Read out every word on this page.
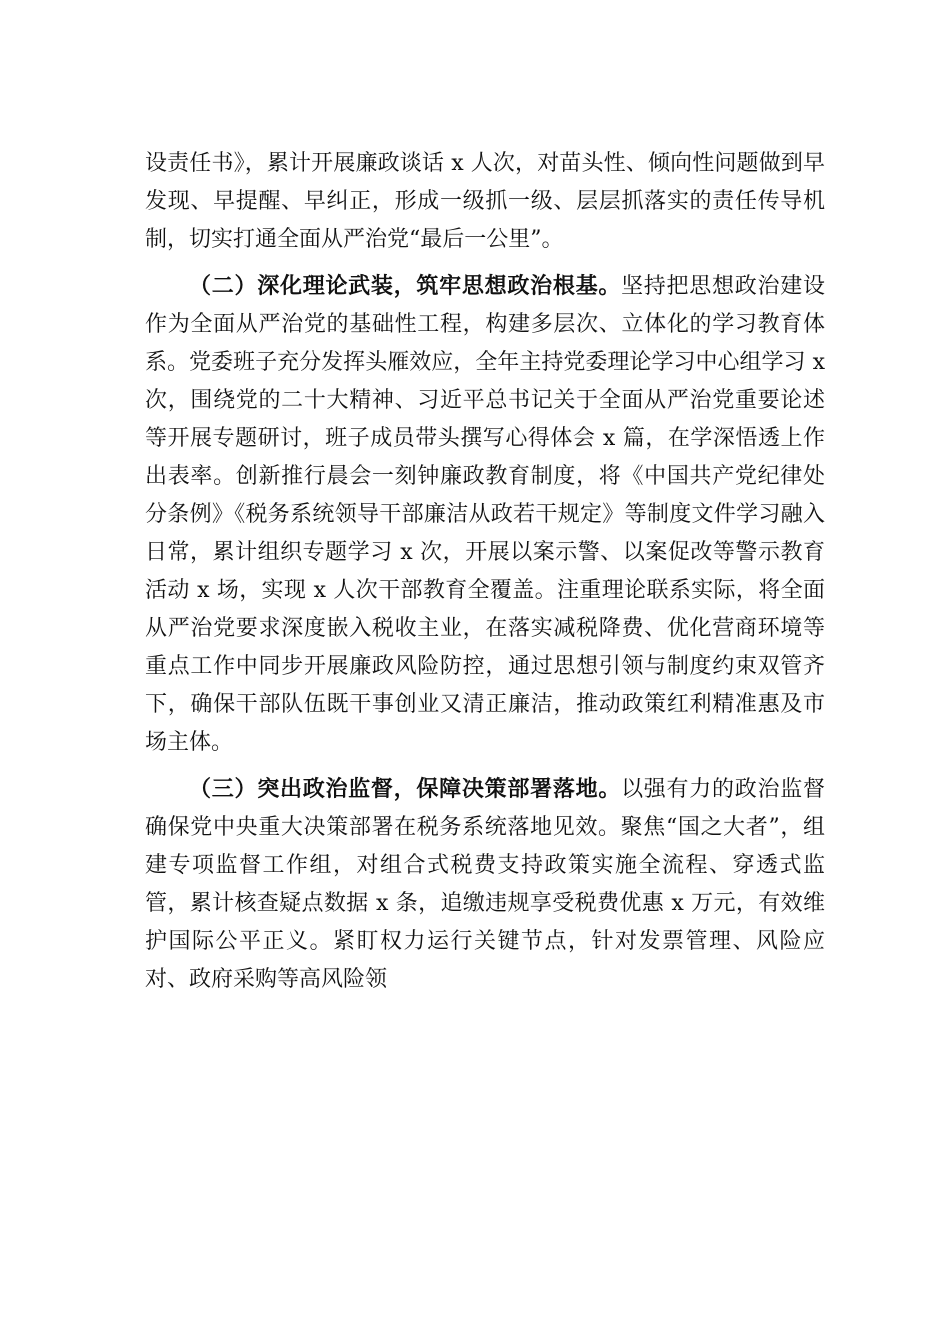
设责任书》，累计开展廉政谈话 x 人次，对苗头性、倾向性问题做到早发现、早提醒、早纠正，形成一级抓一级、层层抓落实的责任传导机制，切实打通全面从严治党“最后一公里”。

（二）深化理论武装，筑牢思想政治根基。坚持把思想政治建设作为全面从严治党的基础性工程，构建多层次、立体化的学习教育体系。党委班子充分发挥头雁效应，全年主持党委理论学习中心组学习 x 次，围绕党的二十大精神、习近平总书记关于全面从严治党重要论述等开展专题研讨，班子成员带头撰写心得体会 x 篇，在学深悟透上作出表率。创新推行晨会一刻钟廉政教育制度，将《中国共产党纪律处分条例》《税务系统领导干部廉洁从政若干规定》等制度文件学习融入日常，累计组织专题学习 x 次，开展以案示警、以案促改等警示教育活动 x 场，实现 x 人次干部教育全覆盖。注重理论联系实际，将全面从严治党要求深度嵌入税收主业，在落实减税降费、优化营商环境等重点工作中同步开展廉政风险防控，通过思想引领与制度约束双管齐下，确保干部队伍既干事创业又清正廉洁，推动政策红利精准惠及市场主体。

（三）突出政治监督，保障决策部署落地。以强有力的政治监督确保党中央重大决策部署在税务系统落地见效。聚焦“国之大者”，组建专项监督工作组，对组合式税费支持政策实施全流程、穿透式监管，累计核查疑点数据 x 条，追缴违规享受税费优惠 x 万元，有效维护国际公平正义。紧盯权力运行关键节点，针对发票管理、风险应对、政府采购等高风险领
